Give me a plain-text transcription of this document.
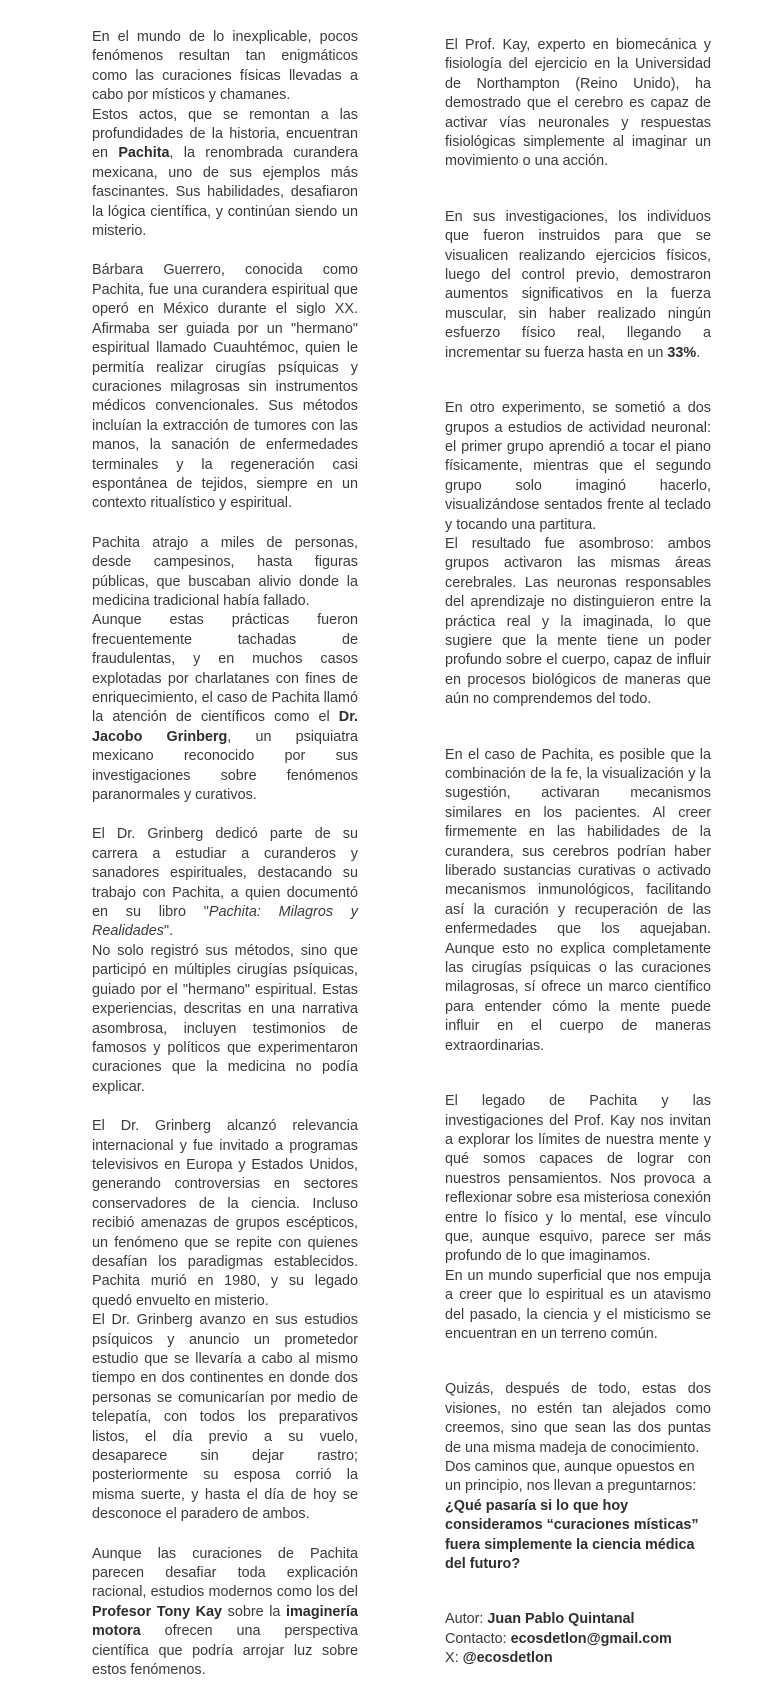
En el mundo de lo inexplicable, pocos fenómenos resultan tan enigmáticos como las curaciones físicas llevadas a cabo por místicos y chamanes.

Estos actos, que se remontan a las profundidades de la historia, encuentran en Pachita, la renombrada curandera mexicana, uno de sus ejemplos más fascinantes. Sus habilidades, desafiaron la lógica científica, y continúan siendo un misterio.

Bárbara Guerrero, conocida como Pachita, fue una curandera espiritual que operó en México durante el siglo XX. Afirmaba ser guiada por un "hermano" espiritual llamado Cuauhtémoc, quien le permitía realizar cirugías psíquicas y curaciones milagrosas sin instrumentos médicos convencionales. Sus métodos incluían la extracción de tumores con las manos, la sanación de enfermedades terminales y la regeneración casi espontánea de tejidos, siempre en un contexto ritualístico y espiritual.

Pachita atrajo a miles de personas, desde campesinos, hasta figuras públicas, que buscaban alivio donde la medicina tradicional había fallado.

Aunque estas prácticas fueron frecuentemente tachadas de fraudulentas, y en muchos casos explotadas por charlatanes con fines de enriquecimiento, el caso de Pachita llamó la atención de científicos como el Dr. Jacobo Grinberg, un psiquiatra mexicano reconocido por sus investigaciones sobre fenómenos paranormales y curativos.

El Dr. Grinberg dedicó parte de su carrera a estudiar a curanderos y sanadores espirituales, destacando su trabajo con Pachita, a quien documentó en su libro "Pachita: Milagros y Realidades".

No solo registró sus métodos, sino que participó en múltiples cirugías psíquicas, guiado por el "hermano" espiritual. Estas experiencias, descritas en una narrativa asombrosa, incluyen testimonios de famosos y políticos que experimentaron curaciones que la medicina no podía explicar.

El Dr. Grinberg alcanzó relevancia internacional y fue invitado a programas televisivos en Europa y Estados Unidos, generando controversias en sectores conservadores de la ciencia. Incluso recibió amenazas de grupos escépticos, un fenómeno que se repite con quienes desafían los paradigmas establecidos. Pachita murió en 1980, y su legado quedó envuelto en misterio.

El Dr. Grinberg avanzo en sus estudios psíquicos y anuncio un prometedor estudio que se llevaría a cabo al mismo tiempo en dos continentes en donde dos personas se comunicarían por medio de telepatía, con todos los preparativos listos, el día previo a su vuelo, desaparece sin dejar rastro; posteriormente su esposa corrió la misma suerte, y hasta el día de hoy se desconoce el paradero de ambos.

Aunque las curaciones de Pachita parecen desafiar toda explicación racional, estudios modernos como los del Profesor Tony Kay sobre la imaginería motora ofrecen una perspectiva científica que podría arrojar luz sobre estos fenómenos.

El Prof. Kay, experto en biomecánica y fisiología del ejercicio en la Universidad de Northampton (Reino Unido), ha demostrado que el cerebro es capaz de activar vías neuronales y respuestas fisiológicas simplemente al imaginar un movimiento o una acción.

En sus investigaciones, los individuos que fueron instruidos para que se visualicen realizando ejercicios físicos, luego del control previo, demostraron aumentos significativos en la fuerza muscular, sin haber realizado ningún esfuerzo físico real, llegando a incrementar su fuerza hasta en un 33%.

En otro experimento, se sometió a dos grupos a estudios de actividad neuronal: el primer grupo aprendió a tocar el piano físicamente, mientras que el segundo grupo solo imaginó hacerlo, visualizándose sentados frente al teclado y tocando una partitura.

El resultado fue asombroso: ambos grupos activaron las mismas áreas cerebrales. Las neuronas responsables del aprendizaje no distinguieron entre la práctica real y la imaginada, lo que sugiere que la mente tiene un poder profundo sobre el cuerpo, capaz de influir en procesos biológicos de maneras que aún no comprendemos del todo.

En el caso de Pachita, es posible que la combinación de la fe, la visualización y la sugestión, activaran mecanismos similares en los pacientes. Al creer firmemente en las habilidades de la curandera, sus cerebros podrían haber liberado sustancias curativas o activado mecanismos inmunológicos, facilitando así la curación y recuperación de las enfermedades que los aquejaban. Aunque esto no explica completamente las cirugías psíquicas o las curaciones milagrosas, sí ofrece un marco científico para entender cómo la mente puede influir en el cuerpo de maneras extraordinarias.

El legado de Pachita y las investigaciones del Prof. Kay nos invitan a explorar los límites de nuestra mente y qué somos capaces de lograr con nuestros pensamientos. Nos provoca a reflexionar sobre esa misteriosa conexión entre lo físico y lo mental, ese vínculo que, aunque esquivo, parece ser más profundo de lo que imaginamos.

En un mundo superficial que nos empuja a creer que lo espiritual es un atavismo del pasado, la ciencia y el misticismo se encuentran en un terreno común.

Quizás, después de todo, estas dos visiones, no estén tan alejados como creemos, sino que sean las dos puntas de una misma madeja de conocimiento.

Dos caminos que, aunque opuestos en un principio, nos llevan a preguntarnos: ¿Qué pasaría si lo que hoy consideramos “curaciones místicas” fuera simplemente la ciencia médica del futuro?

Autor: Juan Pablo Quintanal

Contacto: ecosdetlon@gmail.com

X: @ecosdetlon
